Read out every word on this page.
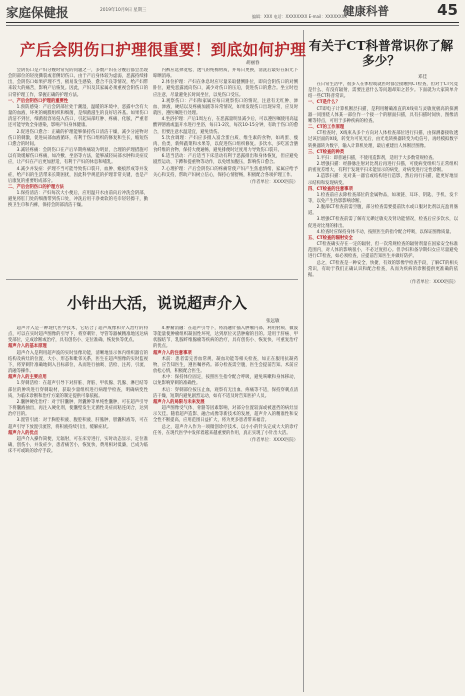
家庭保健报	2019年10月9日 星期三	健康科普
编辑：XXX 电话：XXXXXXXX E-mail：XXXXXXXX	45
产后会阴伤口护理很重要！到底如何护理
胡丽春

会阴伤口是产妇分娩时常见的问题之一，多数产妇在分娩后都会出现会阴部位的轻度撕裂或者侧切伤口。由于产后身体较为虚弱，恶露持续排出，会阴伤口如果护理不当，极易发生感染、愈合不良等情况，给产妇带来较大的痛苦，影响产后恢复。因此，产妇及其家属必须重视会阴伤口的日常护理工作，掌握正确的护理方法。

一、产后会阴伤口护理的重要性

1.预防感染：产后会阴部位处于潮湿、温暖的环境中，恶露中含有大量的血液、坏死的蜕膜组织和细菌，是细菌滋生的良好培养基。如果伤口清洁不到位，细菌很容易侵入伤口，引起局部红肿、疼痛、化脓，严重者还可能导致全身感染，影响产妇身体健康。

2.促进伤口愈合：正确的护理能够保持伤口清洁干燥，减少分泌物对伤口的刺激，促进局部血液循环，有利于伤口组织的修复和生长，缩短伤口愈合的时间。

3.减轻疼痛：会阴伤口在产后早期疼痛较为明显，合理的护理措施可以有效缓解伤口疼痛，如冷敷、坐浴等方法，能够减轻局部水肿和炎症反应，让产妇在产后更加舒适，有利于产妇的休息和哺乳。

4.减少并发症：护理不当可能导致伤口裂开、血肿、瘢痕形成等并发症，给产妇的生活带来长期困扰，因此科学规范的护理非常关键，也是产后康复的重要组成部分。

二、产后会阴伤口的护理方法

1.保持清洁：产妇每次大小便后，应用温开水由前向后冲洗会阴部，避免将肛门处的细菌带到伤口处，冲洗后用干净柔软的毛巾轻轻擦干，勤换卫生巾和内裤，保持会阴部清洁干燥。

内裤应选择宽松、透气的纯棉材质，并每日更换，清洗后最好在阳光下晾晒消毒。

2.体位护理：产妇在休息时应尽量采取健侧卧位，即向会阴伤口的对侧卧位，避免恶露流向伤口，减少对伤口的压迫，促进伤口的愈合。坐立时也应注意，尽量避免长时间坐位，以免伤口受压。

3.观察伤口：产妇和家属应每日观察伤口的情况，注意有无红肿、渗血、渗液、硬结以及疼痛加剧等异常情况，如果发现伤口出现异常，应及时就医，遵医嘱进行处理。

4.坐浴护理：产后1周左右，在恶露量明显减少后，可以遵医嘱使用高锰酸钾溶液或温开水进行坐浴，每日1-2次，每次10-15分钟，有助于伤口的愈合，但要注意水温适宜，避免烫伤。

5.饮食调理：产妇应多摄入富含蛋白质、维生素的食物，如鸡蛋、瘦肉、鱼类、新鲜蔬菜和水果等，以促进伤口组织修复。多饮水，多吃富含膳食纤维的食物，保持大便通畅，避免排便时过度用力导致伤口裂开。

6.适当活动：产后适当下床活动有利于恶露排出和身体恢复，但应避免剧烈运动、下蹲和提重物等动作，以免增加腹压，影响伤口愈合。

7.心理护理：产后会阴伤口的疼痛常使产妇产生焦虑情绪，家属应给予关心和支持，帮助产妇树立信心，保持心情舒畅，积极配合各项护理工作。

（作者单位：XXXX医院）

小针出大活，说说超声介入
张远敏

超声介入是一种现代医学技术，它结合了超声成像和介入治疗的特点，可以在实时超声图像的引导下，将穿刺针、导管等器械精准地送达病变部位，完成诊断或治疗，具有创伤小、定位准确、恢复快等优点。

超声介入的基本原理

超声介入是利用超声波的实时显像功能，清晰地显示体内组织器官的结构及病灶的位置、大小、形态和毗邻关系，医生在超声图像的实时监视下，将穿刺针准确地刺入目标部位，从而进行抽吸、活检、注药、引流、消融等操作。

超声介入的主要应用

1.穿刺活检：在超声引导下对肝脏、肾脏、甲状腺、乳腺、淋巴结等部位的肿块进行穿刺取材，获取少量组织进行病理学检查，明确病变性质，为临床诊断和治疗方案的制定提供可靠依据。

2.囊肿硬化治疗：对于肝囊肿、肾囊肿等单纯性囊肿，可在超声引导下将囊液抽出，再注入硬化剂，使囊壁发生无菌性炎症而粘连闭合，达到治疗目的。

3.置管引流：对于胸腔积液、腹腔积液、肝脓肿、胆囊积液等，可在超声引导下放置引流管，将积液持续引出，缓解症状。

超声介入的优点

超声介入操作简便，无辐射，可在床旁进行，实时动态显示，定位准确，创伤小，并发症少，患者痛苦小，恢复快，费用相对低廉，已成为临床不可或缺的诊疗手段。

4.肿瘤消融：在超声引导下，将消融针插入肿瘤内部，利用射频、微波等能量使肿瘤组织凝固性坏死，达到原位灭活肿瘤的目的。适用于肝癌、甲状腺结节、乳腺纤维腺瘤等疾病的治疗，具有创伤小、恢复快、可重复治疗的优点。

超声介入的注意事项

术前：患者需完善血常规、凝血功能等相关检查，如正在服用抗凝药物，应告知医生，遵医嘱停药。部分检查需空腹，医生会提前告知。术前应放松心情，积极配合医生。

术中：保持体位固定，按照医生指令配合呼吸，避免咳嗽和身体移动，以免影响穿刺的准确性。

术后：穿刺部位按压止血，观察有无出血、疼痛等不适，保持穿刺点清洁干燥，短期内避免剧烈运动，如有不适及时告知医护人员。

超声介入的局限与未来发展

超声图像受气体、骨骼等因素影响，对部分位置较深或被遮挡的病灶显示欠佳。随着超声造影、融合成像等新技术的发展，超声介入的精准性和安全性不断提高，应用范围日益扩大，将为更多患者带来福音。

总之，超声介入作为一项微创诊疗技术，以小小的针头完成大大的诊疗任务，在现代医学中发挥着越来越重要的作用，真正实现了小针出大活。

（作者单位：XXXX医院）

有关于CT科普常识你了解多少？
邓佳

在日常生活中，很多人在体检或就医时都会接触到CT检查，但对于CT究竟是什么、有没有辐射、需要注意什么等问题却知之甚少。下面就为大家简单介绍一些CT科普常识。

一、CT是什么？

CT即电子计算机断层扫描，是利用精确准直的X线束与灵敏度极高的探测器一同围绕人体某一部位作一个接一个的断面扫描，具有扫描时间快、图像清晰等特点，可用于多种疾病的检查。

二、CT的工作原理

CT检查时，X线束从多个方向对人体检查部位进行扫描，由探测器接收透过该层面的X线，转变为可见光后，由光电转换器转变为电信号，再经模拟数字转换器转为数字，输入计算机处理，最后重建出人体断层图像。

三、CT检查的种类

1.平扫：即普通扫描，不使用造影剂，适用于大多数常规检查。

2.增强扫描：经静脉注射对比剂后再进行扫描，可使病变组织与正常组织的密度差增大，有利于发现平扫未能显示的病变，对病变进行定性诊断。

3.造影扫描：先对某一器官或结构进行造影，然后再行扫描，能更好地显示结构和发现病变。

四、CT检查的注意事项

1.检查前应去除检查部位的金属物品，如项链、耳环、钥匙、手机、发卡等，以免产生伪影影响诊断。

2.腹部CT检查前需空腹，部分检查需要提前饮水或口服对比剂以充盈胃肠道。

3.增强CT检查前需了解有无碘过敏史及肾功能情况，检查后应多饮水，以促进对比剂的排出。

4.检查时应保持身体不动，按照医生的指令配合呼吸，以保证图像质量。

五、CT检查的辐射安全

CT检查确实存在一定的辐射，但一次常规检查的辐射剂量在国家安全标准范围内，对人体的影响很小，不必过度担心。但孕妇和备孕期妇女应尽量避免进行CT检查，如必须检查，应提前告知医生并做好防护。

总之，CT检查是一种安全、快捷、有效的影像学检查手段，了解CT的相关常识，有助于我们正确认识和配合检查，从而为疾病的诊断提供更准确的依据。

（作者单位：XXXX医院）
